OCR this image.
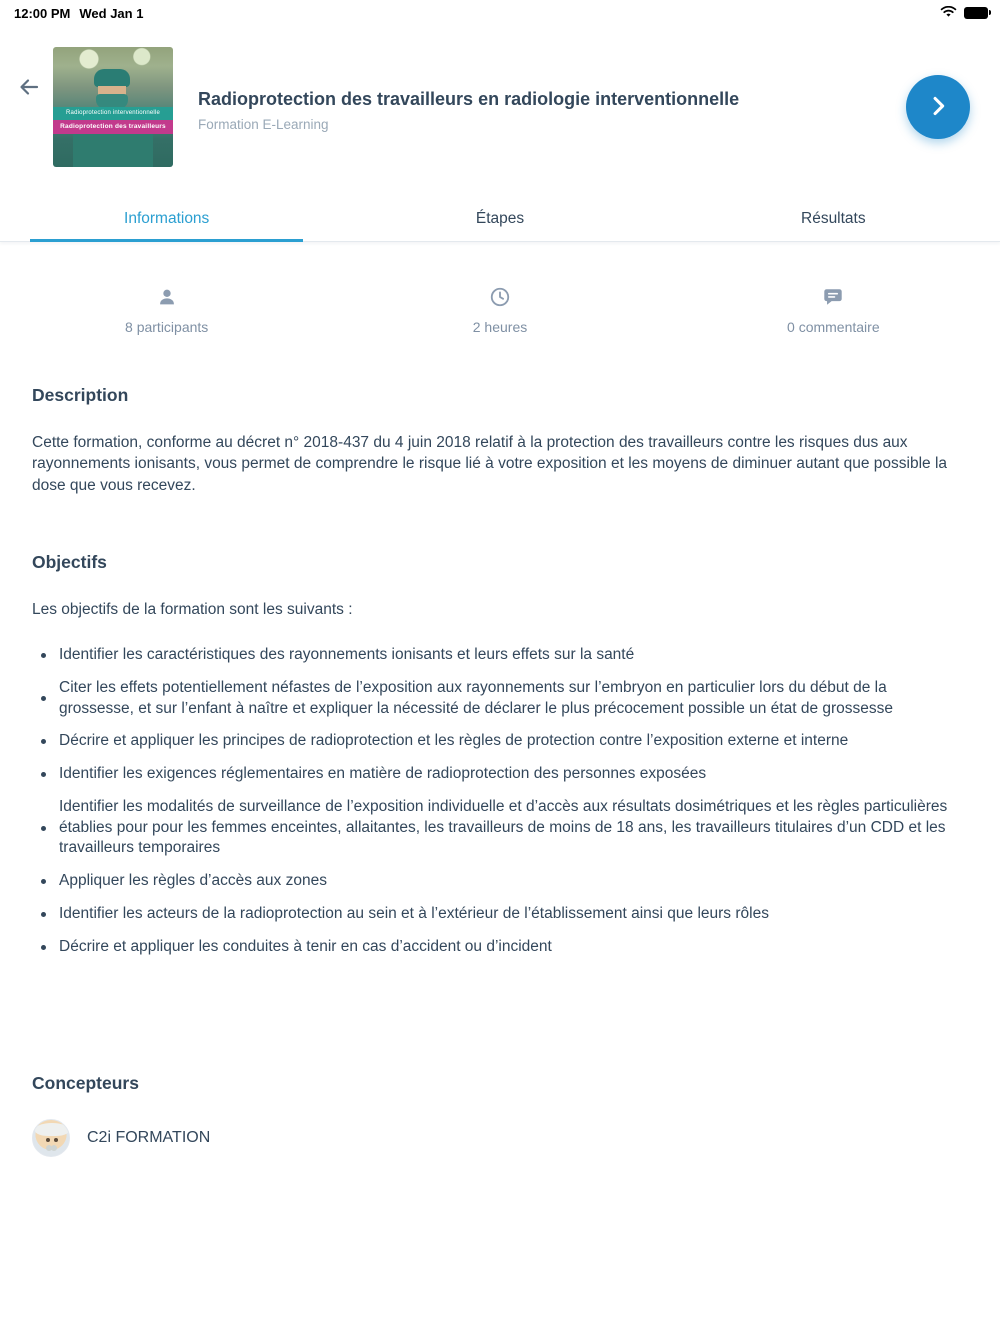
12:00 PM Wed Jan 1
Radioprotection interventionnelle
Radioprotection des travailleurs
Radioprotection des travailleurs en radiologie interventionnelle
Formation E-Learning
Informations	Étapes	Résultats
8 participants	2 heures	0 commentaire
Description

Cette formation, conforme au décret n° 2018-437 du 4 juin 2018 relatif à la protection des travailleurs contre les risques dus aux rayonnements ionisants, vous permet de comprendre le risque lié à votre exposition et les moyens de diminuer autant que possible la dose que vous recevez.

Objectifs

Les objectifs de la formation sont les suivants :

Identifier les caractéristiques des rayonnements ionisants et leurs effets sur la santé
Citer les effets potentiellement néfastes de l’exposition aux rayonnements sur l’embryon en particulier lors du début de la grossesse, et sur l’enfant à naître et expliquer la nécessité de déclarer le plus précocement possible un état de grossesse
Décrire et appliquer les principes de radioprotection et les règles de protection contre l’exposition externe et interne
Identifier les exigences réglementaires en matière de radioprotection des personnes exposées
Identifier les modalités de surveillance de l’exposition individuelle et d’accès aux résultats dosimétriques et les règles particulières établies pour pour les femmes enceintes, allaitantes, les travailleurs de moins de 18 ans, les travailleurs titulaires d’un CDD et les travailleurs temporaires
Appliquer les règles d’accès aux zones
Identifier les acteurs de la radioprotection au sein et à l’extérieur de l’établissement ainsi que leurs rôles
Décrire et appliquer les conduites à tenir en cas d’accident ou d’incident
Concepteurs
C2i FORMATION
